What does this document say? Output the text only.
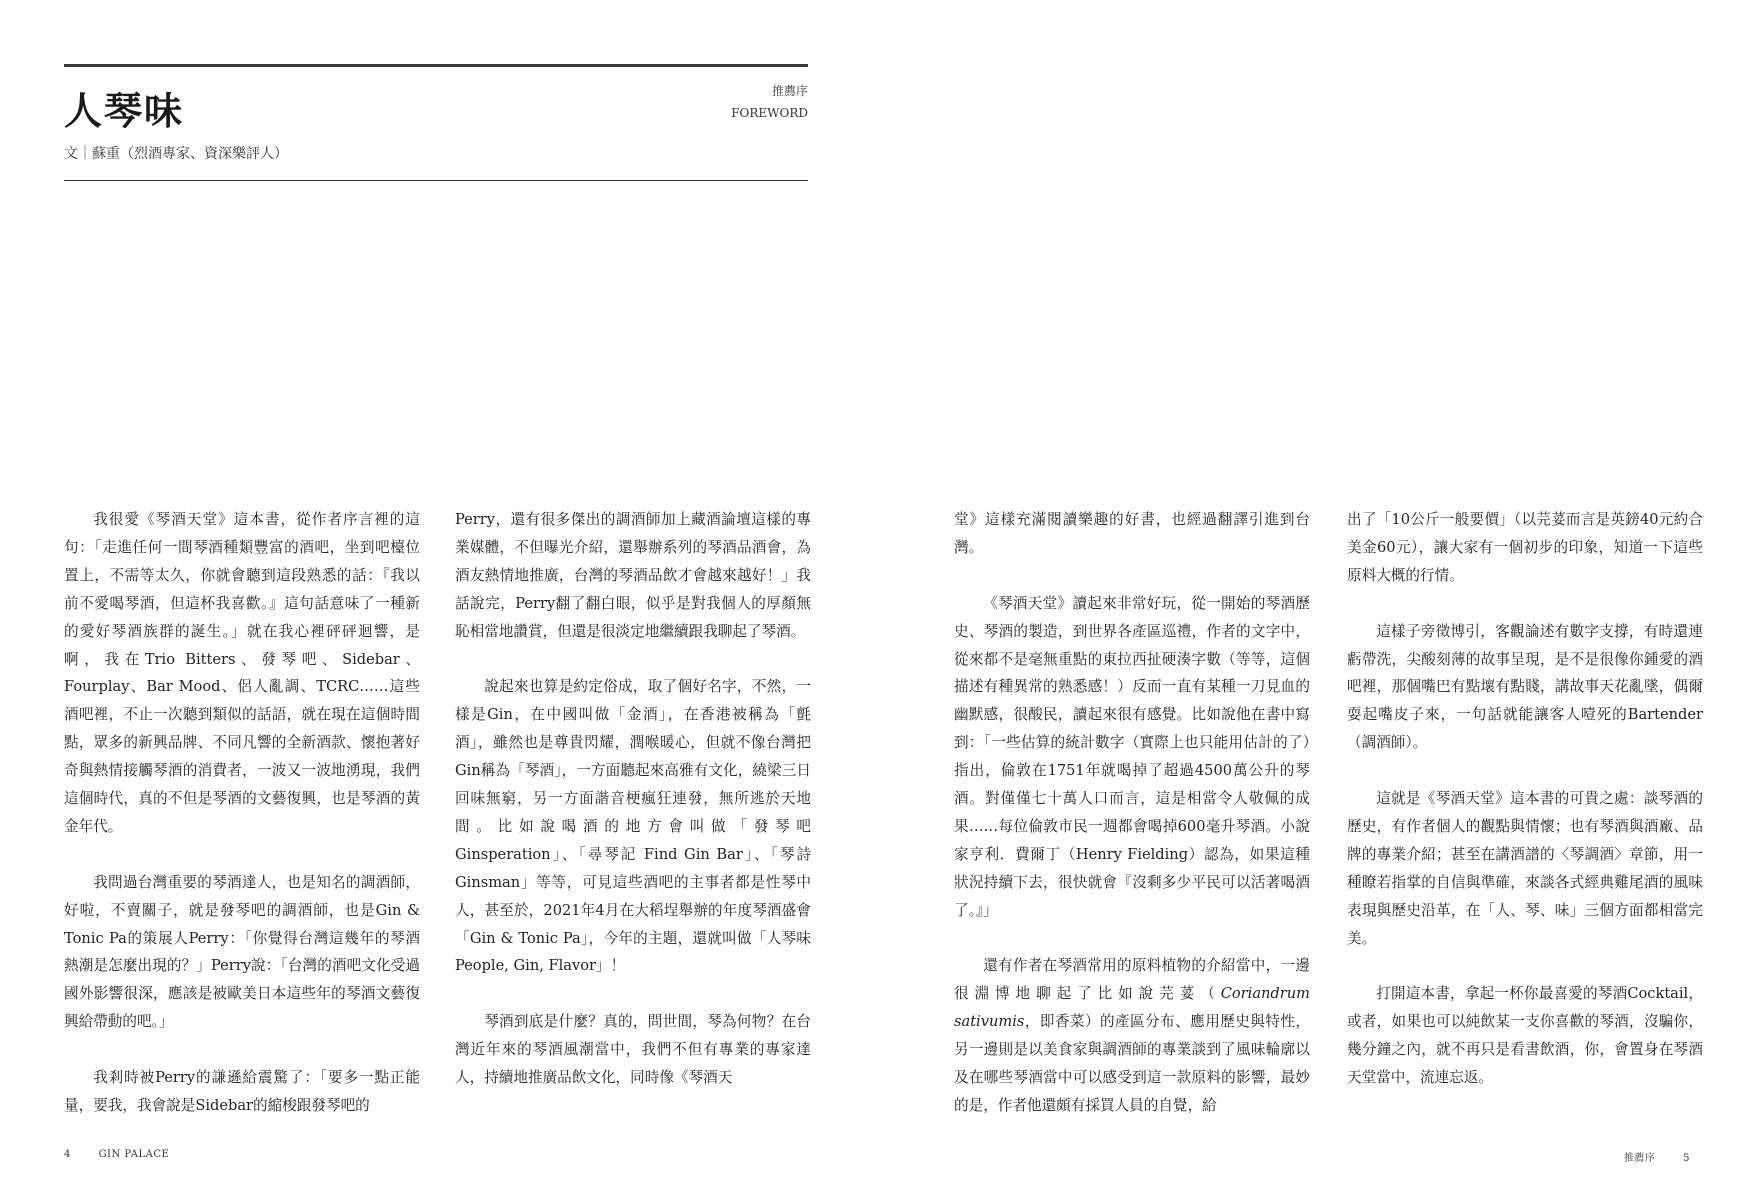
人琴味	推薦序
FOREWORD
文｜蘇重（烈酒專家、資深樂評人）

我很愛《琴酒天堂》這本書，從作者序言裡的這句：「走進任何一間琴酒種類豐富的酒吧，坐到吧檯位置上，不需等太久，你就會聽到這段熟悉的話：『我以前不愛喝琴酒，但這杯我喜歡。』這句話意味了一種新的愛好琴酒族群的誕生。」就在我心裡砰砰迴響，是啊，我在Trio Bitters、發琴吧、Sidebar、Fourplay、Bar Mood、侶人亂調、TCRC……這些酒吧裡，不止一次聽到類似的話語，就在現在這個時間點，眾多的新興品牌、不同凡響的全新酒款、懷抱著好奇與熱情接觸琴酒的消費者，一波又一波地湧現，我們這個時代，真的不但是琴酒的文藝復興，也是琴酒的黃金年代。

我問過台灣重要的琴酒達人，也是知名的調酒師，好啦，不賣關子，就是發琴吧的調酒師，也是Gin & Tonic Pa的策展人Perry：「你覺得台灣這幾年的琴酒熱潮是怎麼出現的？」Perry說：「台灣的酒吧文化受過國外影響很深，應該是被歐美日本這些年的琴酒文藝復興給帶動的吧。」

我剎時被Perry的謙遜給震驚了：「要多一點正能量，要我，我會說是Sidebar的縮梭跟發琴吧的

Perry，還有很多傑出的調酒師加上藏酒論壇這樣的專業媒體，不但曝光介紹，還舉辦系列的琴酒品酒會，為酒友熱情地推廣，台灣的琴酒品飲才會越來越好！」我話說完，Perry翻了翻白眼，似乎是對我個人的厚顏無恥相當地讚賞，但還是很淡定地繼續跟我聊起了琴酒。

說起來也算是約定俗成，取了個好名字，不然，一樣是Gin，在中國叫做「金酒」，在香港被稱為「氈酒」，雖然也是尊貴閃耀，潤喉暖心，但就不像台灣把Gin稱為「琴酒」，一方面聽起來高雅有文化，繞梁三日回味無窮，另一方面諧音梗瘋狂連發，無所逃於天地間。比如說喝酒的地方會叫做「發琴吧Ginsperation」、「尋琴記 Find Gin Bar」、「琴詩Ginsman」等等，可見這些酒吧的主事者都是性琴中人，甚至於，2021年4月在大稻埕舉辦的年度琴酒盛會「Gin & Tonic Pa」，今年的主題，還就叫做「人琴味People, Gin, Flavor」！

琴酒到底是什麼？真的，問世間，琴為何物？在台灣近年來的琴酒風潮當中，我們不但有專業的專家達人，持續地推廣品飲文化，同時像《琴酒天

4	GIN PALACE

堂》這樣充滿閱讀樂趣的好書，也經過翻譯引進到台灣。

《琴酒天堂》讀起來非常好玩，從一開始的琴酒歷史、琴酒的製造，到世界各產區巡禮，作者的文字中，從來都不是毫無重點的東拉西扯硬湊字數（等等，這個描述有種異常的熟悉感！）反而一直有某種一刀見血的幽默感，很酸民，讀起來很有感覺。比如說他在書中寫到：「一些估算的統計數字（實際上也只能用估計的了）指出，倫敦在1751年就喝掉了超過4500萬公升的琴酒。對僅僅七十萬人口而言，這是相當令人敬佩的成果……每位倫敦市民一週都會喝掉600毫升琴酒。小說家亨利．費爾丁（Henry Fielding）認為，如果這種狀況持續下去，很快就會『沒剩多少平民可以活著喝酒了。』」

還有作者在琴酒常用的原料植物的介紹當中，一邊很淵博地聊起了比如說芫荽（Coriandrum sativumis，即香菜）的產區分布、應用歷史與特性，另一邊則是以美食家與調酒師的專業談到了風味輪廓以及在哪些琴酒當中可以感受到這一款原料的影響，最妙的是，作者他還頗有採買人員的自覺，給

出了「10公斤一般要價」（以芫荽而言是英鎊40元約合美金60元），讓大家有一個初步的印象，知道一下這些原料大概的行情。

這樣子旁徵博引，客觀論述有數字支撐，有時還連虧帶洗，尖酸刻薄的故事呈現，是不是很像你鍾愛的酒吧裡，那個嘴巴有點壞有點賤，講故事天花亂墜，偶爾耍起嘴皮子來，一句話就能讓客人噎死的Bartender（調酒師）。

這就是《琴酒天堂》這本書的可貴之處：談琴酒的歷史，有作者個人的觀點與情懷；也有琴酒與酒廠、品牌的專業介紹；甚至在講酒譜的〈琴調酒〉章節，用一種瞭若指掌的自信與準確，來談各式經典雞尾酒的風味表現與歷史沿革，在「人、琴、味」三個方面都相當完美。

打開這本書，拿起一杯你最喜愛的琴酒Cocktail，或者，如果也可以純飲某一支你喜歡的琴酒，沒騙你，幾分鐘之內，就不再只是看書飲酒，你，會置身在琴酒天堂當中，流連忘返。

推薦序	5
